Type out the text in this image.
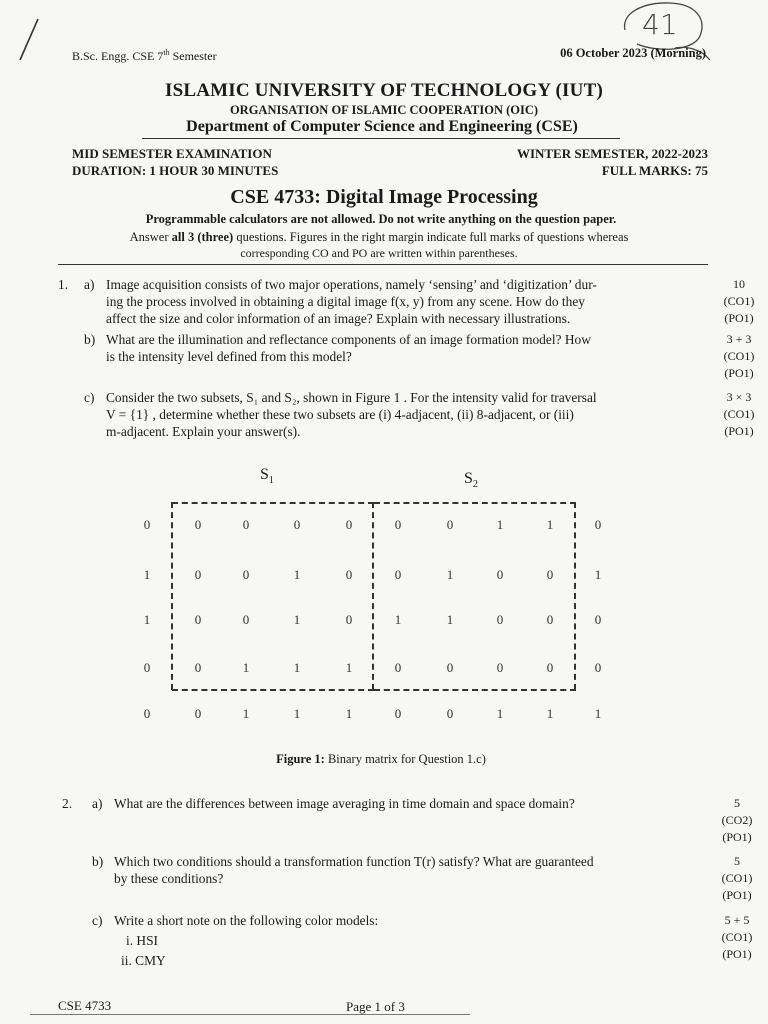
41
B.Sc. Engg. CSE 7th Semester	06 October 2023 (Morning)
ISLAMIC UNIVERSITY OF TECHNOLOGY (IUT)
ORGANISATION OF ISLAMIC COOPERATION (OIC)
Department of Computer Science and Engineering (CSE)
MID SEMESTER EXAMINATION
DURATION: 1 HOUR 30 MINUTES
WINTER SEMESTER, 2022-2023
FULL MARKS: 75
CSE 4733: Digital Image Processing
Programmable calculators are not allowed. Do not write anything on the question paper.
Answer all 3 (three) questions. Figures in the right margin indicate full marks of questions whereas
corresponding CO and PO are written within parentheses.
1. a) Image acquisition consists of two major operations, namely ‘sensing’ and ‘digitization’ dur-
ing the process involved in obtaining a digital image f(x, y) from any scene. How do they
affect the size and color information of an image? Explain with necessary illustrations.
10
(CO1)
(PO1)
b) What are the illumination and reflectance components of an image formation model? How
is the intensity level defined from this model?
3 + 3
(CO1)
(PO1)
c) Consider the two subsets, S₁ and S₂, shown in Figure 1 . For the intensity valid for traversal
V = {1} , determine whether these two subsets are (i) 4-adjacent, (ii) 8-adjacent, or (iii)
m-adjacent. Explain your answer(s).
3 × 3
(CO1)
(PO1)
$S_1$	$S_2$
0	0	0	0	0	0	0	1	1	0
1	0	0	1	0	0	1	0	0	1
1	0	0	1	0	1	1	0	0	0
0	0	1	1	1	0	0	0	0	0
0	0	1	1	1	0	0	1	1	1
Figure 1: Binary matrix for Question 1.c)
2. a) What are the differences between image averaging in time domain and space domain?	5
(CO2)
(PO1)
b) Which two conditions should a transformation function T(r) satisfy? What are guaranteed
by these conditions?
5
(CO1)
(PO1)
c) Write a short note on the following color models:
i. HSI
ii. CMY
5 + 5
(CO1)
(PO1)
CSE 4733	Page 1 of 3
